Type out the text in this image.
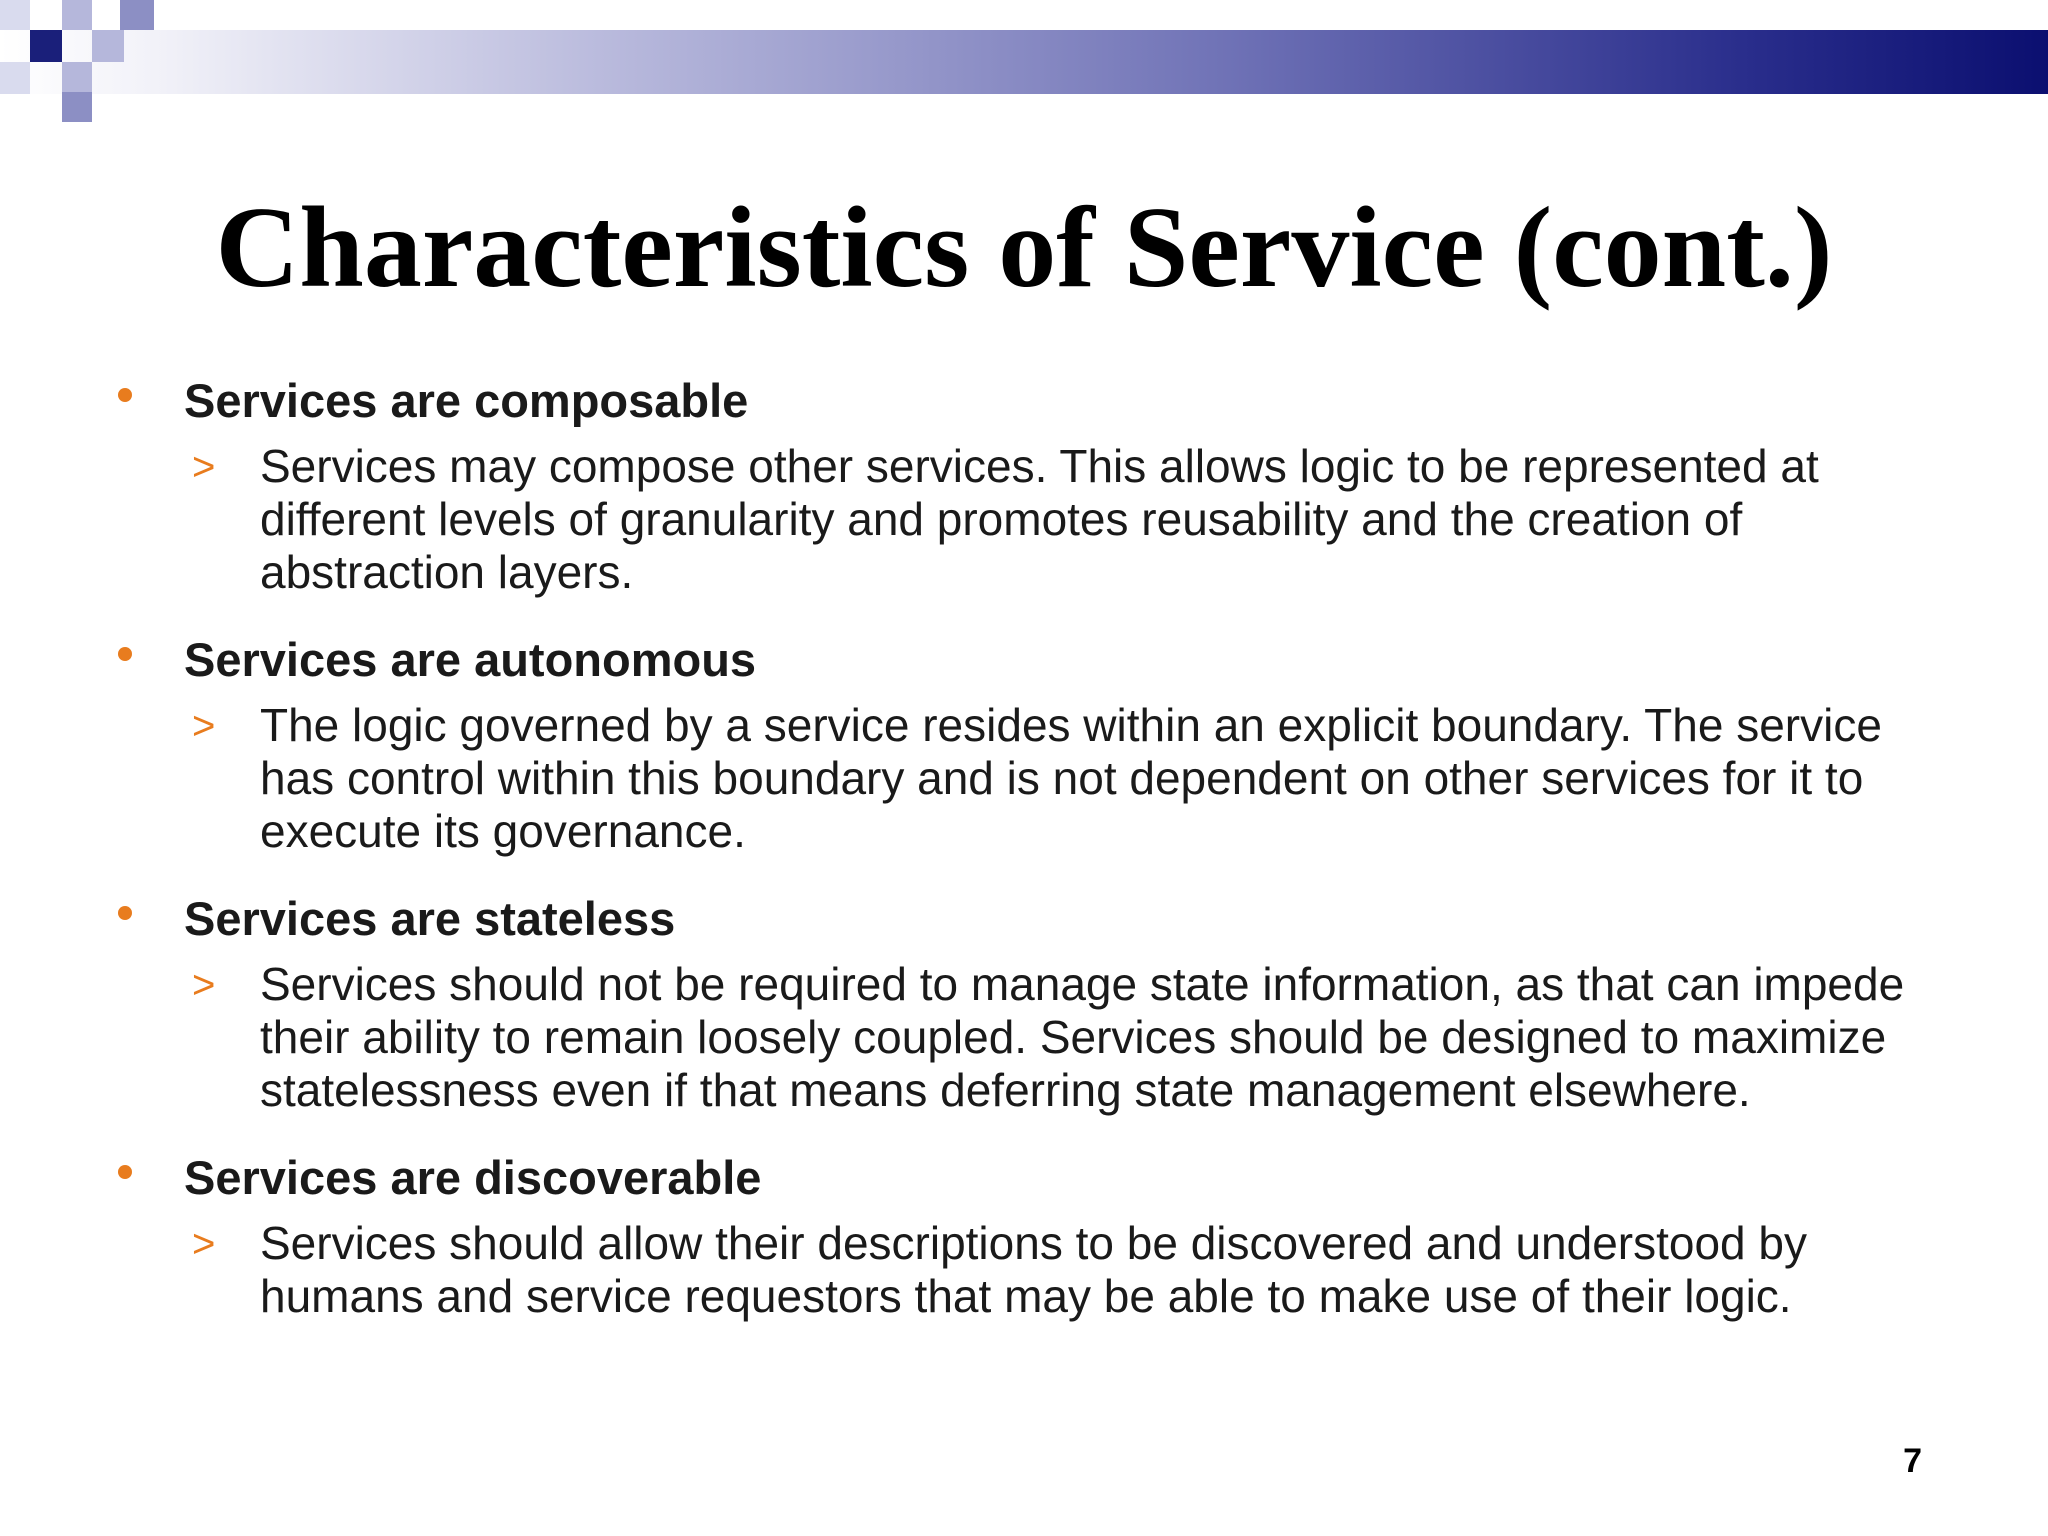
Characteristics of Service (cont.)
Services are composable
> Services may compose other services. This allows logic to be represented at different levels of granularity and promotes reusability and the creation of abstraction layers.
Services are autonomous
> The logic governed by a service resides within an explicit boundary. The service has control within this boundary and is not dependent on other services for it to execute its governance.
Services are stateless
> Services should not be required to manage state information, as that can impede their ability to remain loosely coupled. Services should be designed to maximize statelessness even if that means deferring state management elsewhere.
Services are discoverable
> Services should allow their descriptions to be discovered and understood by humans and service requestors that may be able to make use of their logic.
7
